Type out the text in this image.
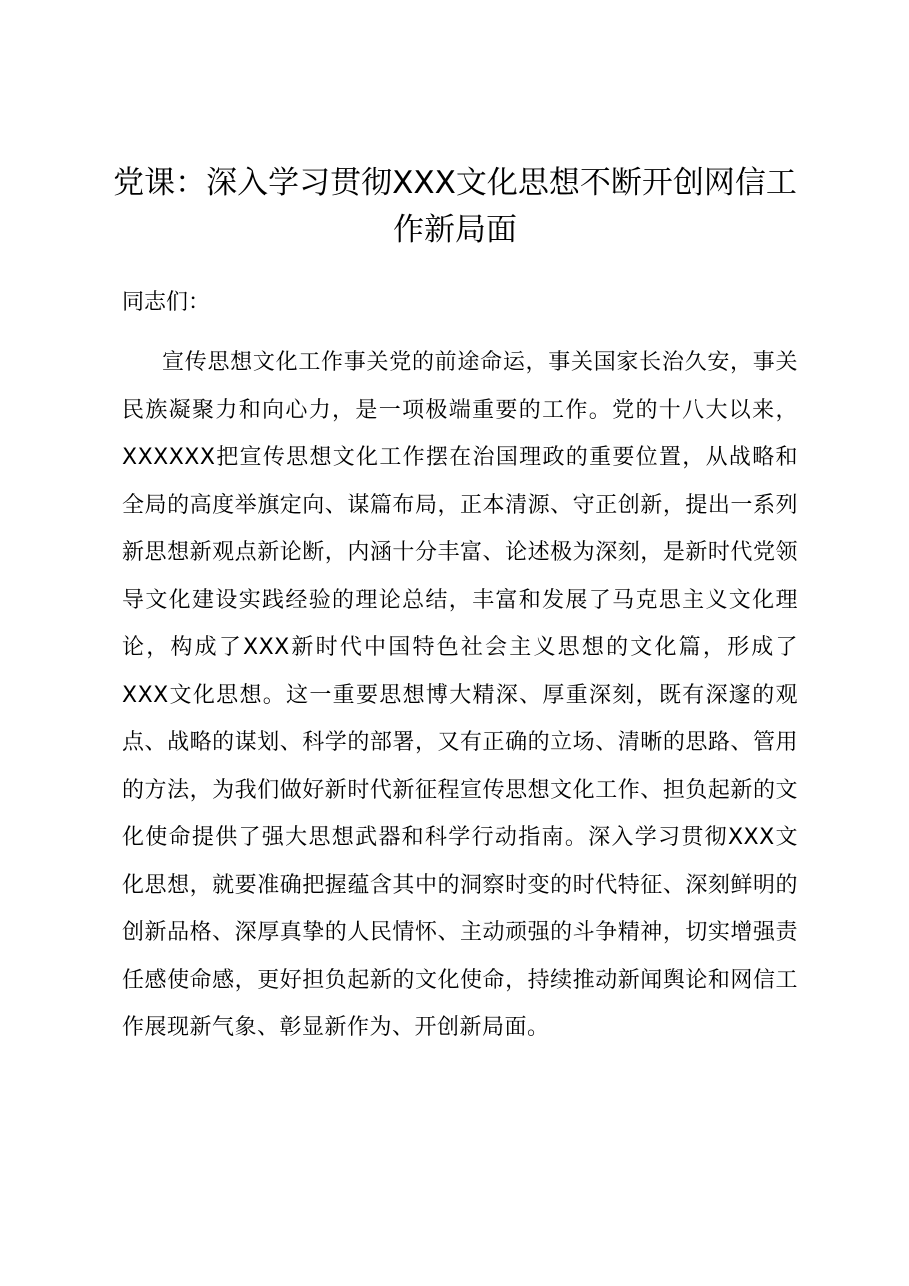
党课：深入学习贯彻XXX文化思想不断开创网信工作新局面

同志们：

宣传思想文化工作事关党的前途命运，事关国家长治久安，事关民族凝聚力和向心力，是一项极端重要的工作。党的十八大以来，XXXXXX把宣传思想文化工作摆在治国理政的重要位置，从战略和全局的高度举旗定向、谋篇布局，正本清源、守正创新，提出一系列新思想新观点新论断，内涵十分丰富、论述极为深刻，是新时代党领导文化建设实践经验的理论总结，丰富和发展了马克思主义文化理论，构成了XXX新时代中国特色社会主义思想的文化篇，形成了XXX文化思想。这一重要思想博大精深、厚重深刻，既有深邃的观点、战略的谋划、科学的部署，又有正确的立场、清晰的思路、管用的方法，为我们做好新时代新征程宣传思想文化工作、担负起新的文化使命提供了强大思想武器和科学行动指南。深入学习贯彻XXX文化思想，就要准确把握蕴含其中的洞察时变的时代特征、深刻鲜明的创新品格、深厚真挚的人民情怀、主动顽强的斗争精神，切实增强责任感使命感，更好担负起新的文化使命，持续推动新闻舆论和网信工作展现新气象、彰显新作为、开创新局面。
